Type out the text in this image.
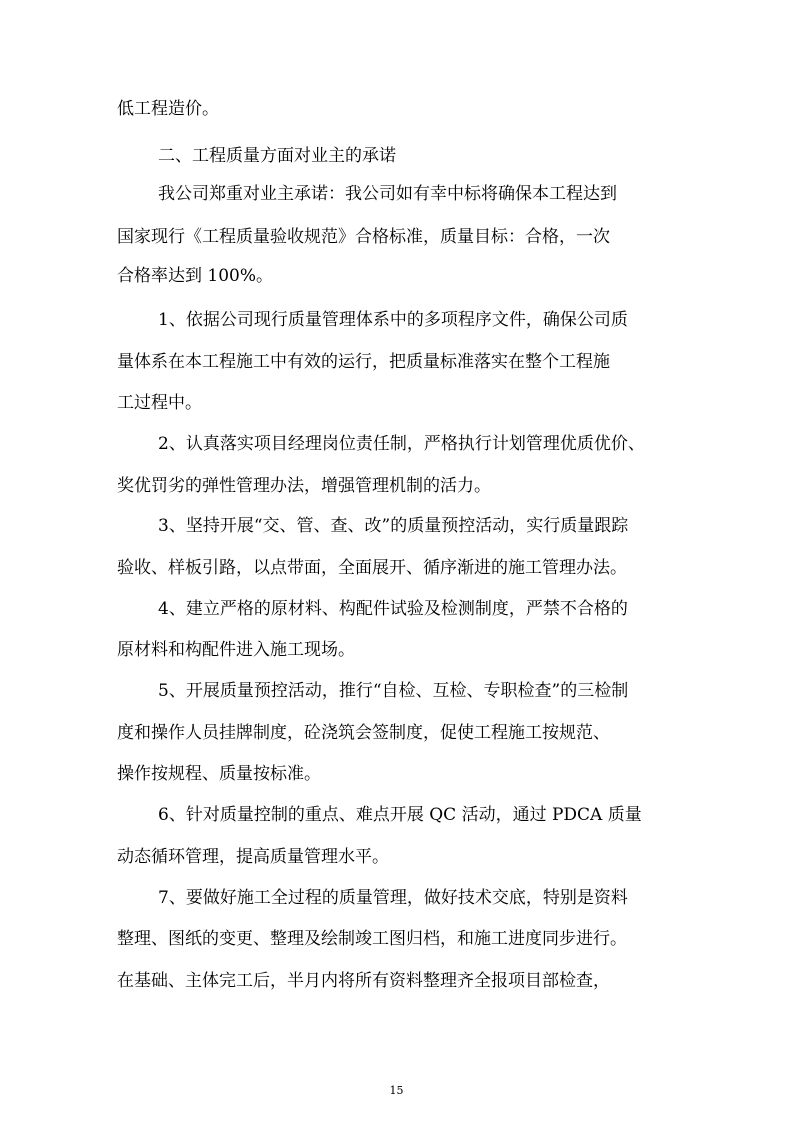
低工程造价。
二、工程质量方面对业主的承诺
我公司郑重对业主承诺：我公司如有幸中标将确保本工程达到
国家现行《工程质量验收规范》合格标准，质量目标：合格，一次
合格率达到 100%。
1、依据公司现行质量管理体系中的多项程序文件，确保公司质
量体系在本工程施工中有效的运行，把质量标准落实在整个工程施
工过程中。
2、认真落实项目经理岗位责任制，严格执行计划管理优质优价、
奖优罚劣的弹性管理办法，增强管理机制的活力。
3、坚持开展“交、管、查、改”的质量预控活动，实行质量跟踪
验收、样板引路，以点带面，全面展开、循序渐进的施工管理办法。
4、建立严格的原材料、构配件试验及检测制度，严禁不合格的
原材料和构配件进入施工现场。
5、开展质量预控活动，推行“自检、互检、专职检查”的三检制
度和操作人员挂牌制度，砼浇筑会签制度，促使工程施工按规范、
操作按规程、质量按标准。
6、针对质量控制的重点、难点开展 QC 活动，通过 PDCA 质量
动态循环管理，提高质量管理水平。
7、要做好施工全过程的质量管理，做好技术交底，特别是资料
整理、图纸的变更、整理及绘制竣工图归档，和施工进度同步进行。
在基础、主体完工后，半月内将所有资料整理齐全报项目部检查，
15
